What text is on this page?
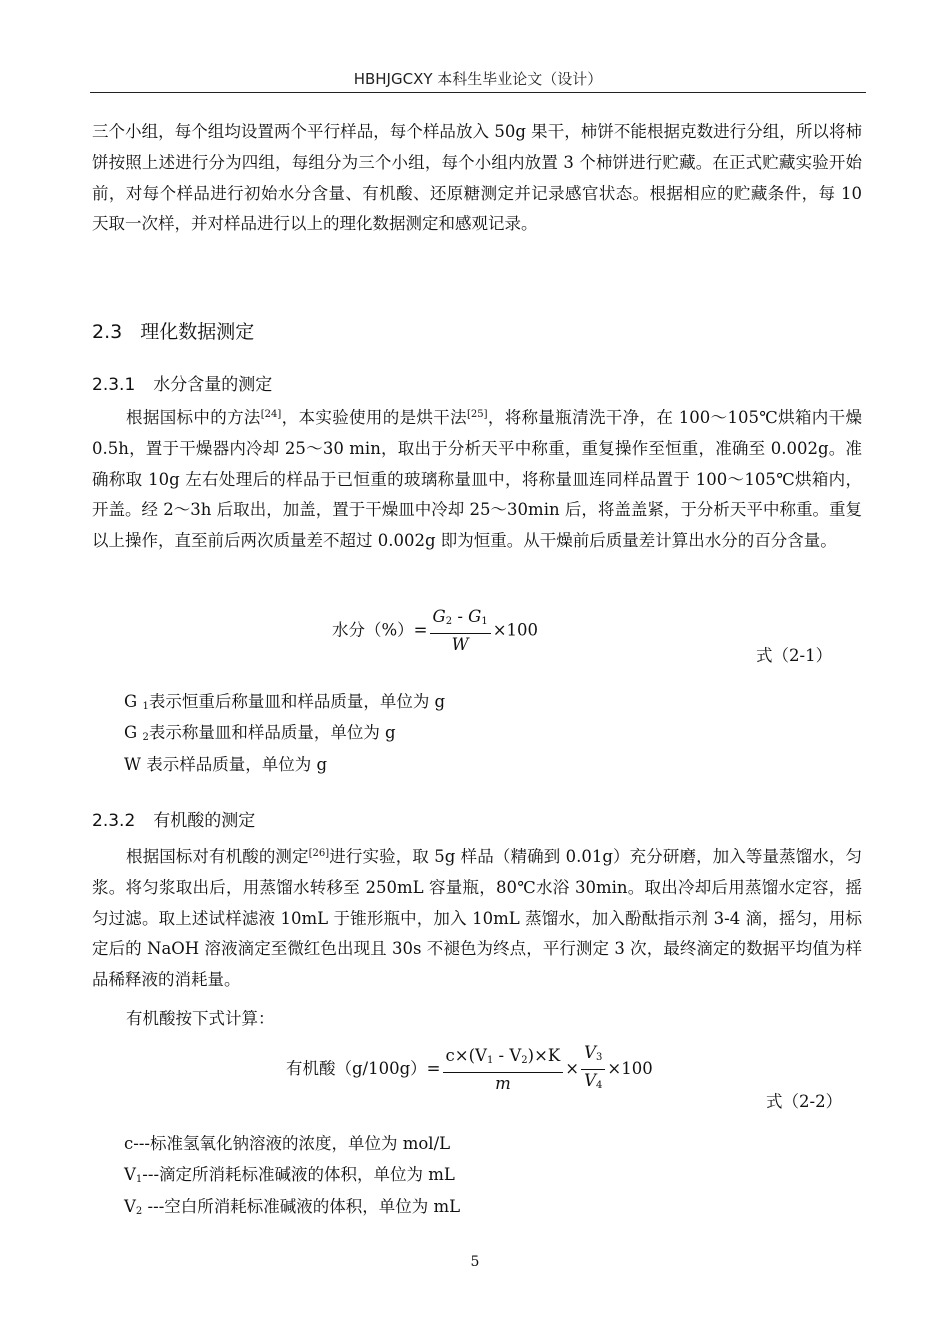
HBHJGCXY 本科生毕业论文（设计）
三个小组，每个组均设置两个平行样品，每个样品放入 50g 果干，柿饼不能根据克数进行分组，所以将柿饼按照上述进行分为四组，每组分为三个小组，每个小组内放置 3 个柿饼进行贮藏。在正式贮藏实验开始前，对每个样品进行初始水分含量、有机酸、还原糖测定并记录感官状态。根据相应的贮藏条件，每 10 天取一次样，并对样品进行以上的理化数据测定和感观记录。
2.3 理化数据测定
2.3.1 水分含量的测定
根据国标中的方法[24]，本实验使用的是烘干法[25]，将称量瓶清洗干净，在 100～105℃烘箱内干燥 0.5h，置于干燥器内冷却 25～30 min，取出于分析天平中称重，重复操作至恒重，准确至 0.002g。准确称取 10g 左右处理后的样品于已恒重的玻璃称量皿中，将称量皿连同样品置于 100～105℃烘箱内，开盖。经 2～3h 后取出，加盖，置于干燥皿中冷却 25～30min 后，将盖盖紧，于分析天平中称重。重复以上操作，直至前后两次质量差不超过 0.002g 即为恒重。从干燥前后质量差计算出水分的百分含量。
水分（%）= $\frac{G_2 - G_1}{W} \times 100$
式（2-1）
G $_1$表示恒重后称量皿和样品质量，单位为 g
G $_2$表示称量皿和样品质量，单位为 g
W 表示样品质量，单位为 g
2.3.2 有机酸的测定
根据国标对有机酸的测定[26]进行实验，取 5g 样品（精确到 0.01g）充分研磨，加入等量蒸馏水，匀浆。将匀浆取出后，用蒸馏水转移至 250mL 容量瓶，80℃水浴 30min。取出冷却后用蒸馏水定容，摇匀过滤。取上述试样滤液 10mL 于锥形瓶中，加入 10mL 蒸馏水，加入酚酞指示剂 3-4 滴，摇匀，用标定后的 NaOH 溶液滴定至微红色出现且 30s 不褪色为终点，平行测定 3 次，最终滴定的数据平均值为样品稀释液的消耗量。
有机酸按下式计算：
有机酸$(g/100g)= \frac{c\times(V_1 - V_2)\times K}{m} \times \frac{V_3}{V_4} \times 100$
式（2-2）
c---标准氢氧化钠溶液的浓度，单位为 mol/L
$V_1---$滴定所消耗标准碱液的体积，单位为 mL
$V_2$ ---空白所消耗标准碱液的体积，单位为 mL
5
